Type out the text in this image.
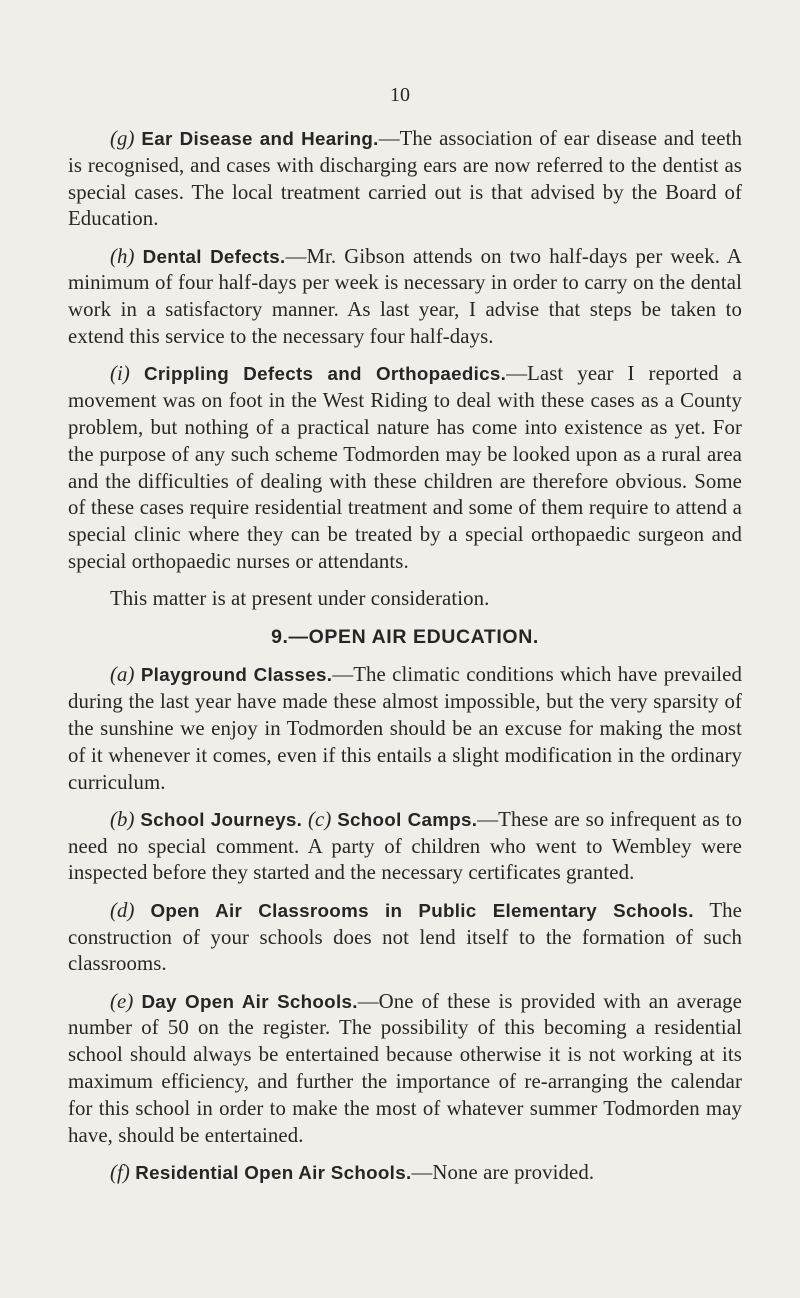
10

(g) Ear Disease and Hearing.—The association of ear disease and teeth is recognised, and cases with discharging ears are now referred to the dentist as special cases. The local treatment carried out is that advised by the Board of Education.

(h) Dental Defects.—Mr. Gibson attends on two half-days per week. A minimum of four half-days per week is necessary in order to carry on the dental work in a satisfactory manner. As last year, I advise that steps be taken to extend this service to the necessary four half-days.

(i) Crippling Defects and Orthopaedics.—Last year I reported a movement was on foot in the West Riding to deal with these cases as a County problem, but nothing of a practical nature has come into existence as yet. For the purpose of any such scheme Todmorden may be looked upon as a rural area and the difficulties of dealing with these children are therefore obvious. Some of these cases require residential treatment and some of them require to attend a special clinic where they can be treated by a special orthopaedic surgeon and special orthopaedic nurses or attendants.

This matter is at present under consideration.

9.—OPEN AIR EDUCATION.

(a) Playground Classes.—The climatic conditions which have prevailed during the last year have made these almost impossible, but the very sparsity of the sunshine we enjoy in Todmorden should be an excuse for making the most of it whenever it comes, even if this entails a slight modification in the ordinary curriculum.

(b) School Journeys. (c) School Camps.—These are so infrequent as to need no special comment. A party of children who went to Wembley were inspected before they started and the necessary certificates granted.

(d) Open Air Classrooms in Public Elementary Schools. The construction of your schools does not lend itself to the formation of such classrooms.

(e) Day Open Air Schools.—One of these is provided with an average number of 50 on the register. The possibility of this becoming a residential school should always be entertained because otherwise it is not working at its maximum efficiency, and further the importance of re-arranging the calendar for this school in order to make the most of whatever summer Todmorden may have, should be entertained.

(f) Residential Open Air Schools.—None are provided.
